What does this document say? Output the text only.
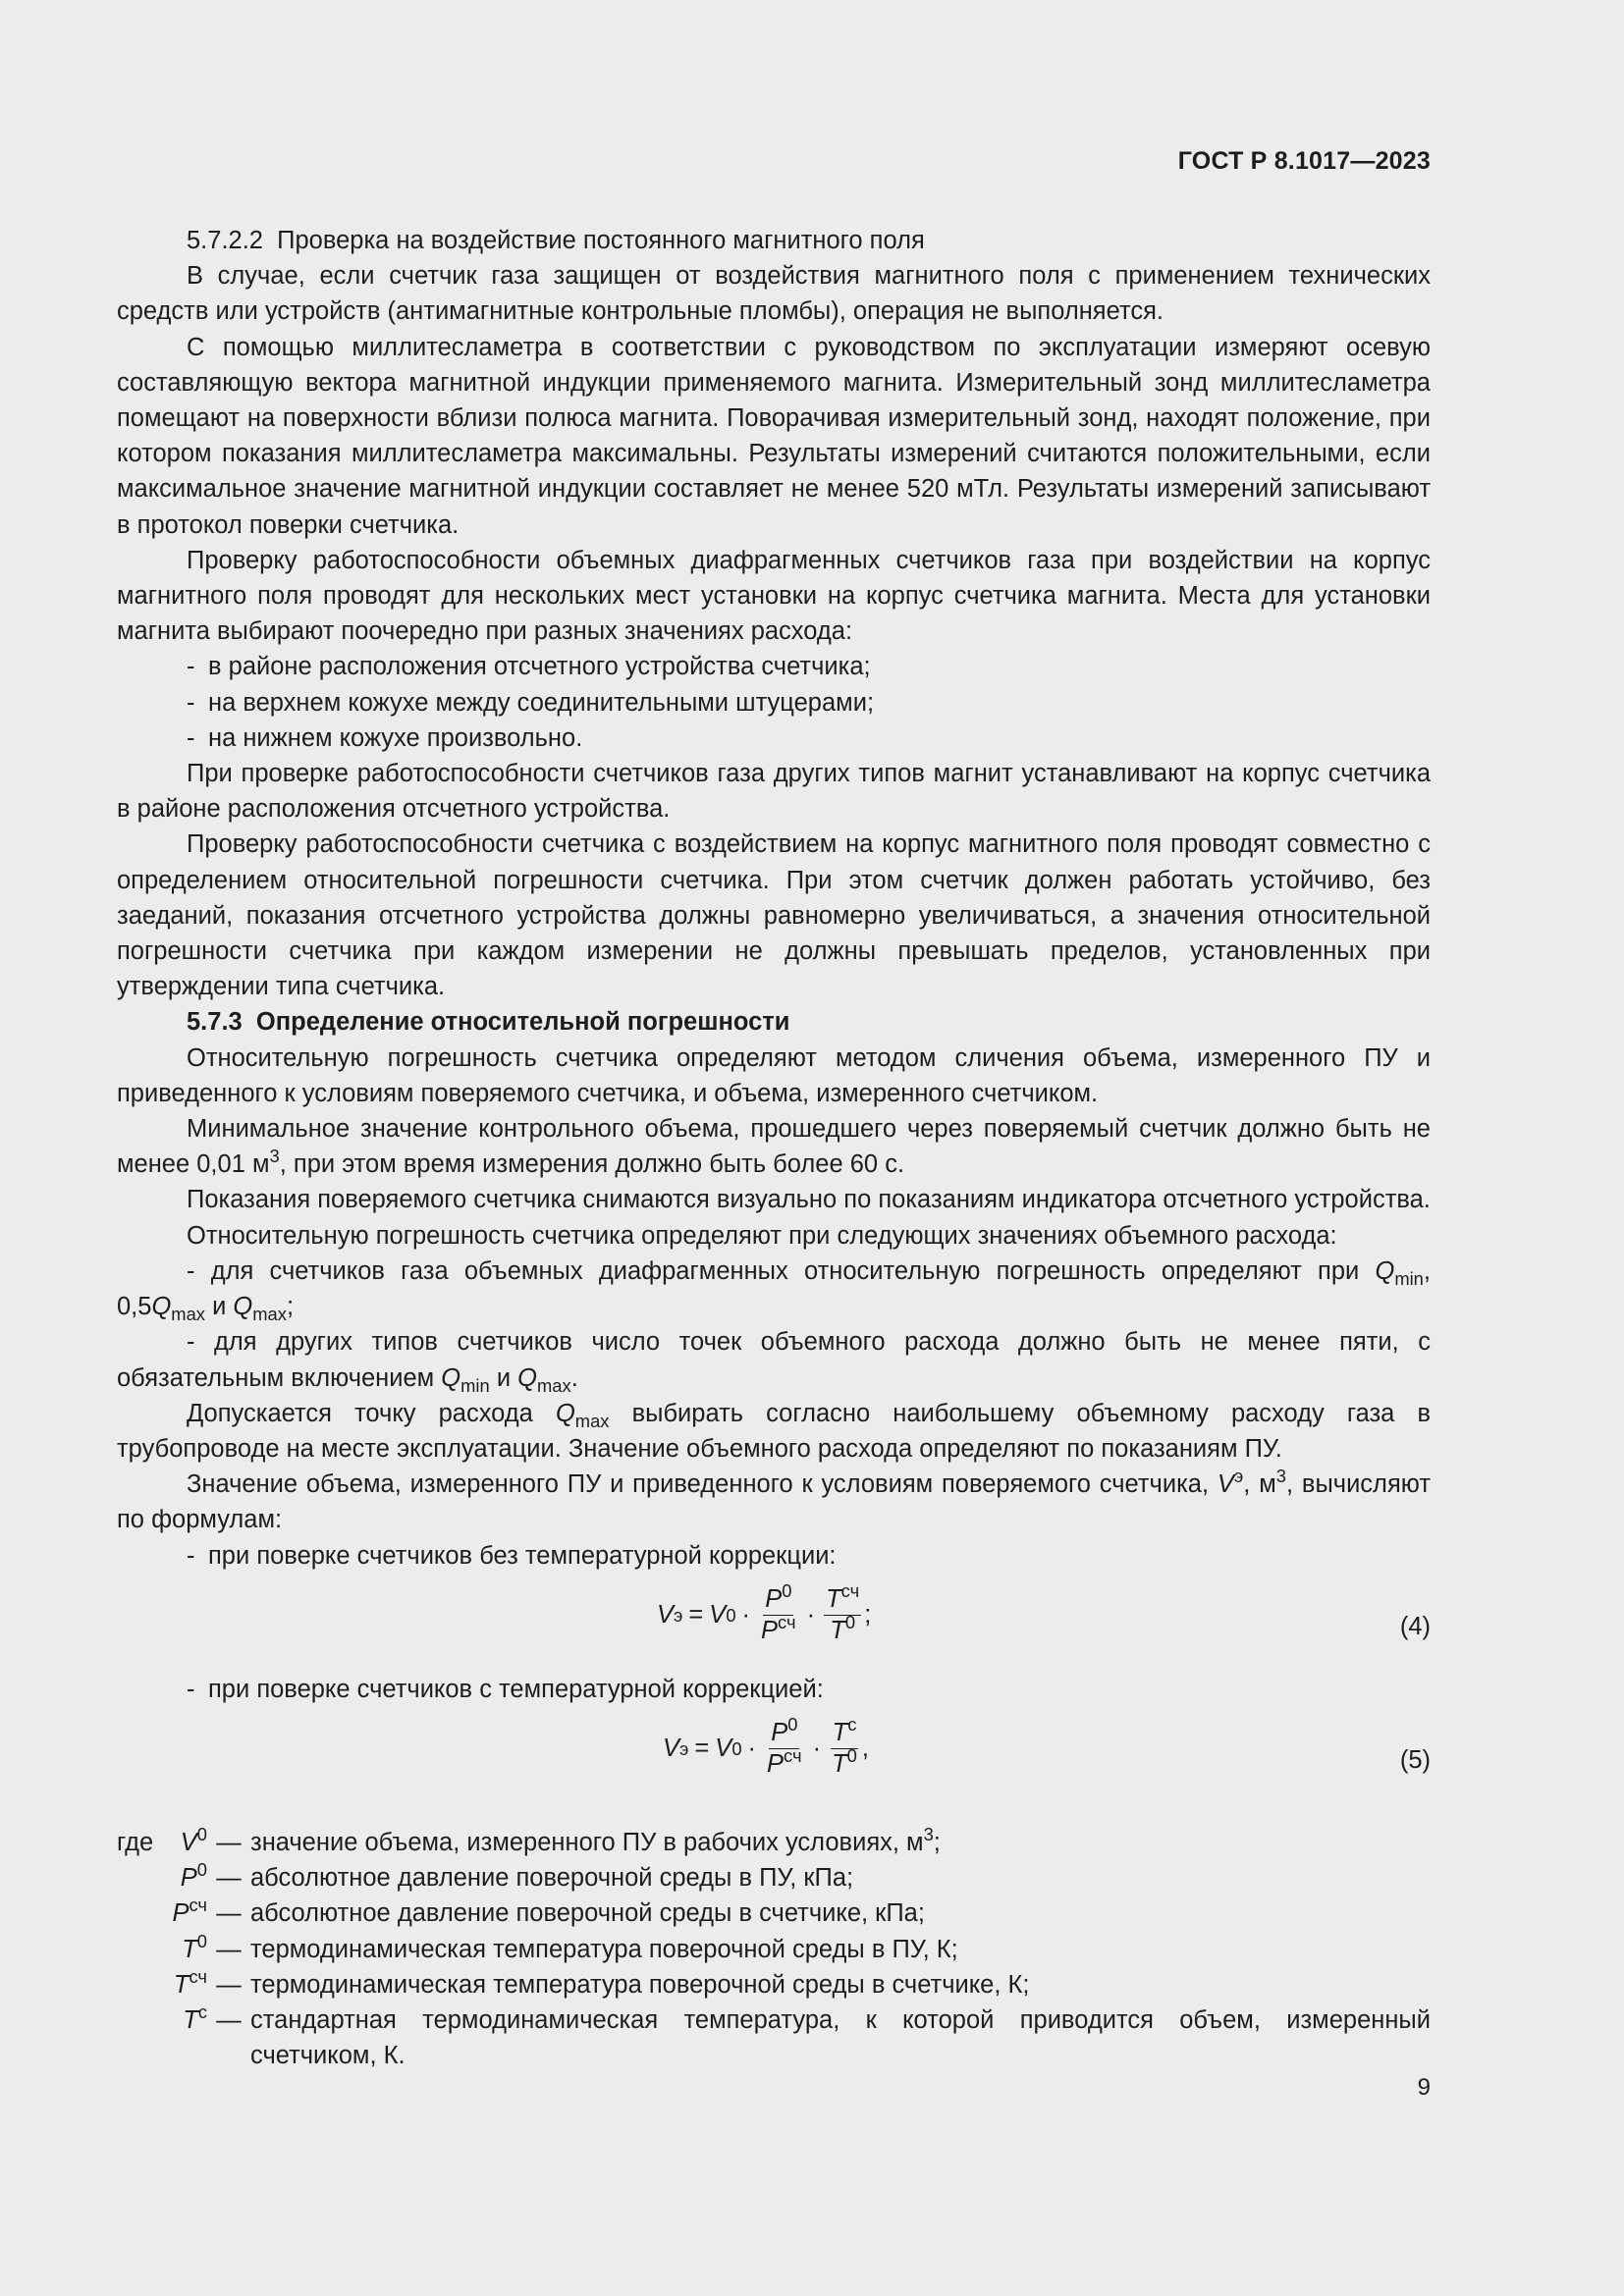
ГОСТ Р 8.1017—2023

5.7.2.2  Проверка на воздействие постоянного магнитного поля

В случае, если счетчик газа защищен от воздействия магнитного поля с применением технических средств или устройств (антимагнитные контрольные пломбы), операция не выполняется.

С помощью миллитесламетра в соответствии с руководством по эксплуатации измеряют осевую составляющую вектора магнитной индукции применяемого магнита. Измерительный зонд миллитесламетра помещают на поверхности вблизи полюса магнита. Поворачивая измерительный зонд, находят положение, при котором показания миллитесламетра максимальны. Результаты измерений считаются положительными, если максимальное значение магнитной индукции составляет не менее 520 мТл. Результаты измерений записывают в протокол поверки счетчика.

Проверку работоспособности объемных диафрагменных счетчиков газа при воздействии на корпус магнитного поля проводят для нескольких мест установки на корпус счетчика магнита. Места для установки магнита выбирают поочередно при разных значениях расхода:

- в районе расположения отсчетного устройства счетчика;

- на верхнем кожухе между соединительными штуцерами;

- на нижнем кожухе произвольно.

При проверке работоспособности счетчиков газа других типов магнит устанавливают на корпус счетчика в районе расположения отсчетного устройства.

Проверку работоспособности счетчика с воздействием на корпус магнитного поля проводят совместно с определением относительной погрешности счетчика. При этом счетчик должен работать устойчиво, без заеданий, показания отсчетного устройства должны равномерно увеличиваться, а значения относительной погрешности счетчика при каждом измерении не должны превышать пределов, установленных при утверждении типа счетчика.

5.7.3  Определение относительной погрешности

Относительную погрешность счетчика определяют методом сличения объема, измеренного ПУ и приведенного к условиям поверяемого счетчика, и объема, измеренного счетчиком.

Минимальное значение контрольного объема, прошедшего через поверяемый счетчик должно быть не менее 0,01 $м^3$, при этом время измерения должно быть более 60 с.

Показания поверяемого счетчика снимаются визуально по показаниям индикатора отсчетного устройства.

Относительную погрешность счетчика определяют при следующих значениях объемного расхода:

- для счетчиков газа объемных диафрагменных относительную погрешность определяют при $Q_{min}$, $0,5Q_{max}$ и $Q_{max}$;

- для других типов счетчиков число точек объемного расхода должно быть не менее пяти, с обязательным включением $Q_{min}$ и $Q_{max}$.

Допускается точку расхода $Q_{max}$ выбирать согласно наибольшему объемному расходу газа в трубопроводе на месте эксплуатации. Значение объемного расхода определяют по показаниям ПУ.

Значение объема, измеренного ПУ и приведенного к условиям поверяемого счетчика, $V^э$, $м^3$, вычисляют по формулам:

- при поверке счетчиков без температурной коррекции:

V э = V $0 \cdot \frac{P^0}{P^{сч}} \cdot \frac{T^{сч}}{T^0}$ ;	(4)

- при поверке счетчиков с температурной коррекцией:

V э = V $0 \cdot \frac{P^0}{P^{сч}} \cdot \frac{T^с}{T^0}$ ,	(5)
где $V^0$ — значение объема, измеренного ПУ в рабочих условиях, $м^3$;
$P^0$ — абсолютное давление поверочной среды в ПУ, кПа;
$P^{сч}$ — абсолютное давление поверочной среды в счетчике, кПа;
$T^0$ — термодинамическая температура поверочной среды в ПУ, К;
$T^{сч}$ — термодинамическая температура поверочной среды в счетчике, К;
$T^с$ — стандартная термодинамическая температура, к которой приводится объем, измеренный счетчиком, К.
9
